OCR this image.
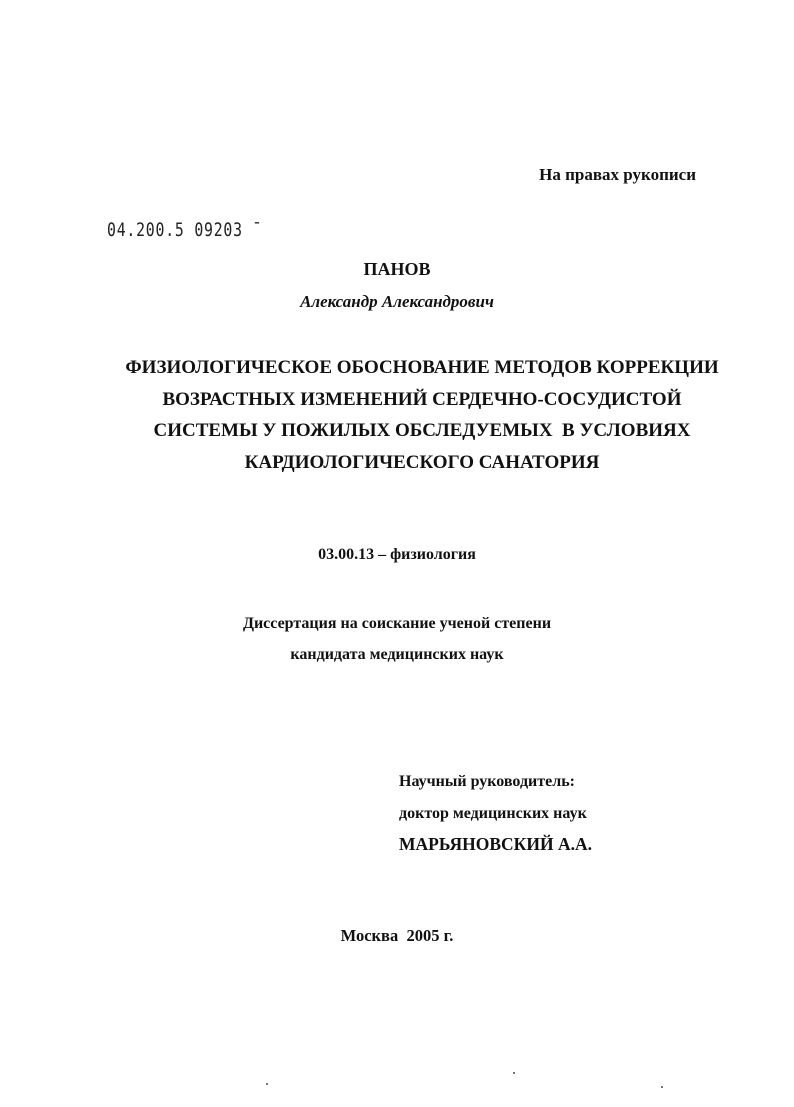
На правах рукописи
04.200.5 09203 ˉ
ПАНОВ
Александр Александрович
ФИЗИОЛОГИЧЕСКОЕ ОБОСНОВАНИЕ МЕТОДОВ КОРРЕКЦИИ
ВОЗРАСТНЫХ ИЗМЕНЕНИЙ СЕРДЕЧНО-СОСУДИСТОЙ
СИСТЕМЫ У ПОЖИЛЫХ ОБСЛЕДУЕМЫХ  В УСЛОВИЯХ
КАРДИОЛОГИЧЕСКОГО САНАТОРИЯ
03.00.13 – физиология
Диссертация на соискание ученой степени
кандидата медицинских наук
Научный руководитель:
доктор медицинских наук
МАРЬЯНОВСКИЙ А.А.
Москва  2005 г.
